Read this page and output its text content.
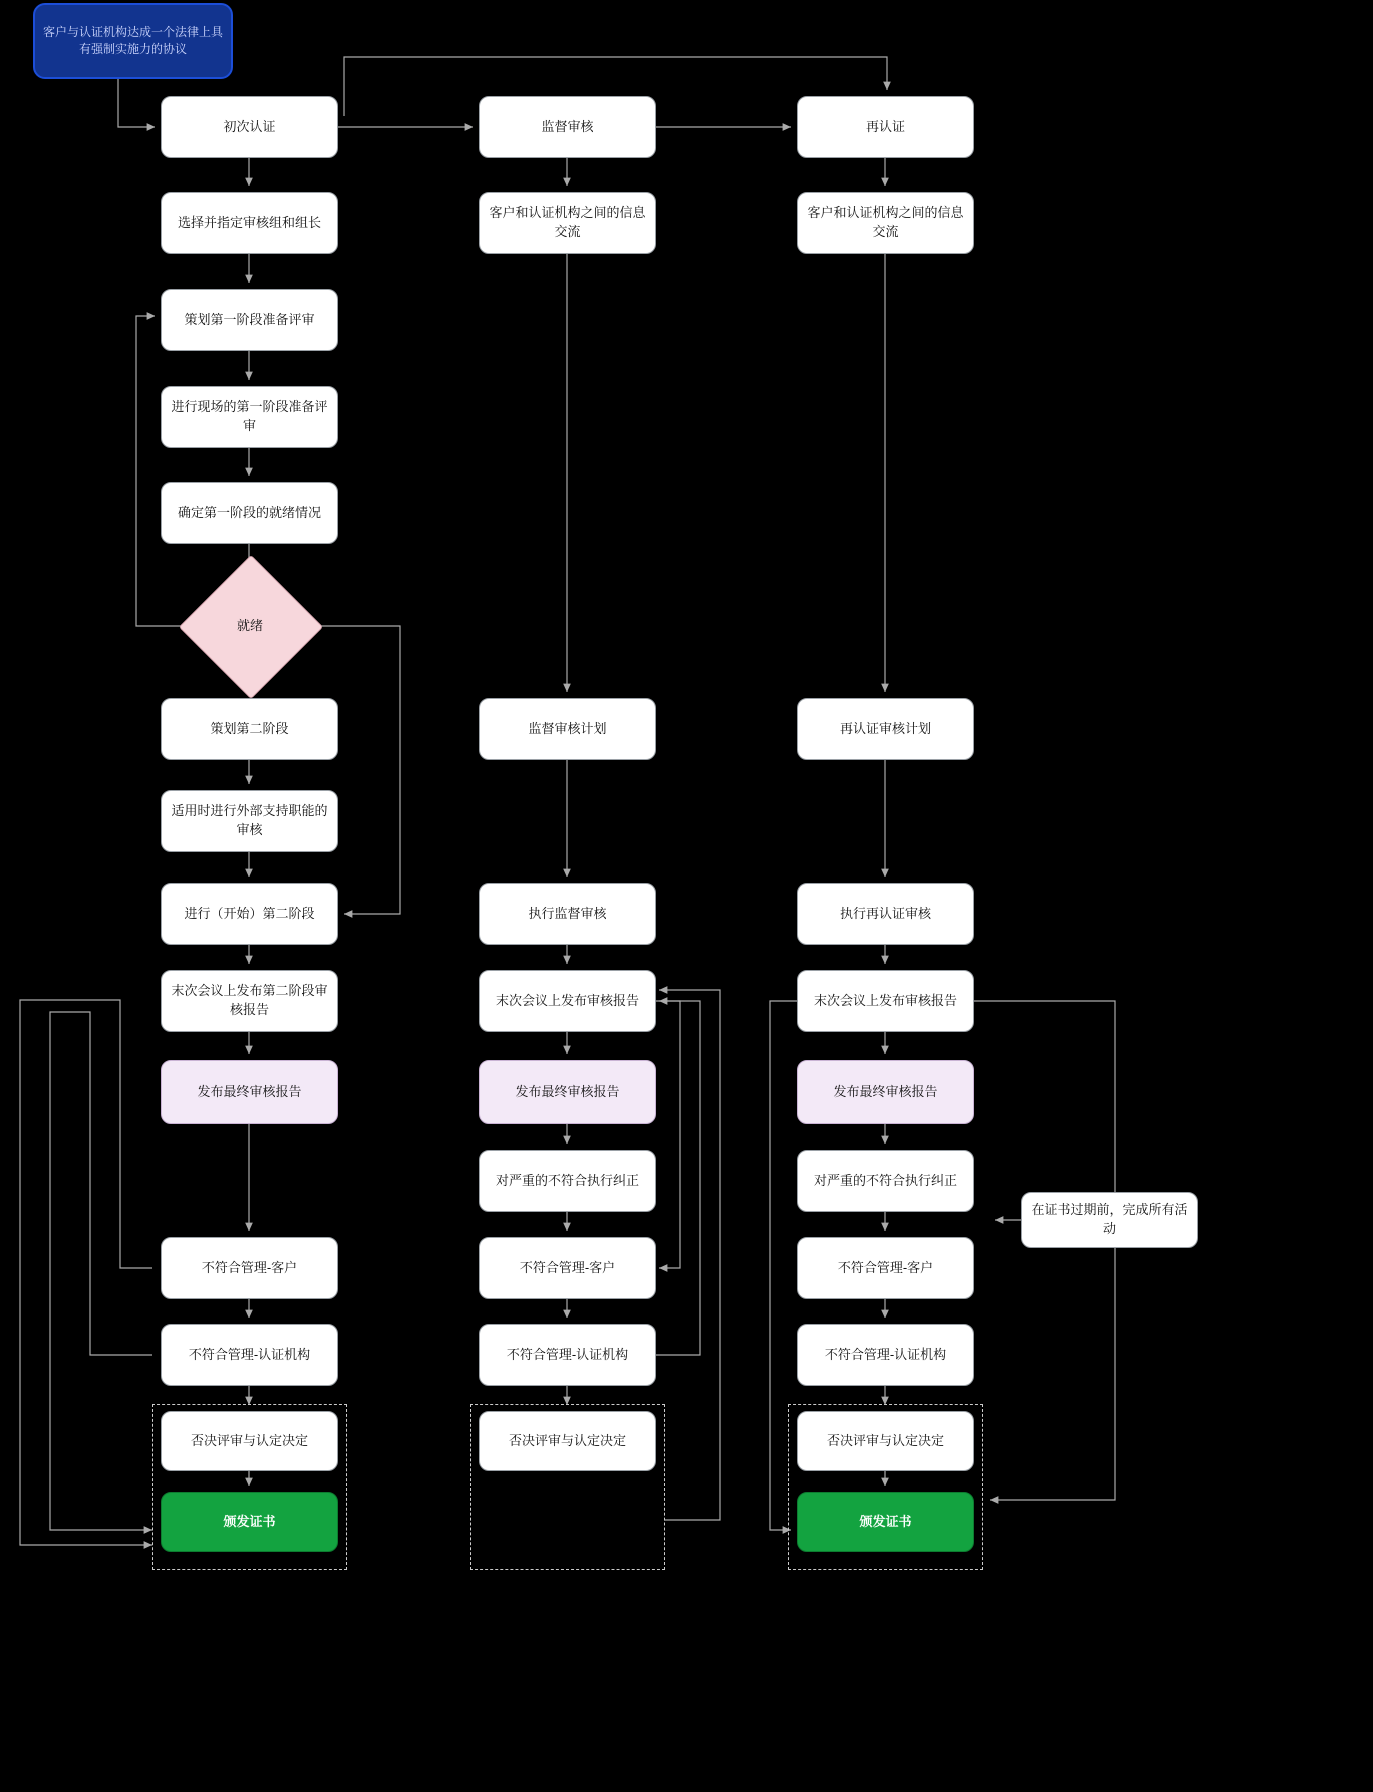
客户与认证机构达成一个法律上具有强制实施力的协议
初次认证	监督审核	再认证
选择并指定审核组和组长
客户和认证机构之间的信息交流
客户和认证机构之间的信息交流
策划第一阶段准备评审
进行现场的第一阶段准备评审
确定第一阶段的就绪情况
就绪
策划第二阶段	监督审核计划	再认证审核计划
适用时进行外部支持职能的审核
进行（开始）第二阶段	执行监督审核	执行再认证审核
末次会议上发布第二阶段审核报告
末次会议上发布审核报告	末次会议上发布审核报告
发布最终审核报告	发布最终审核报告	发布最终审核报告
对严重的不符合执行纠正	对严重的不符合执行纠正
不符合管理-客户	不符合管理-客户	不符合管理-客户
不符合管理-认证机构	不符合管理-认证机构	不符合管理-认证机构
否决评审与认定决定	否决评审与认定决定	否决评审与认定决定
颁发证书	颁发证书
在证书过期前，完成所有活动
